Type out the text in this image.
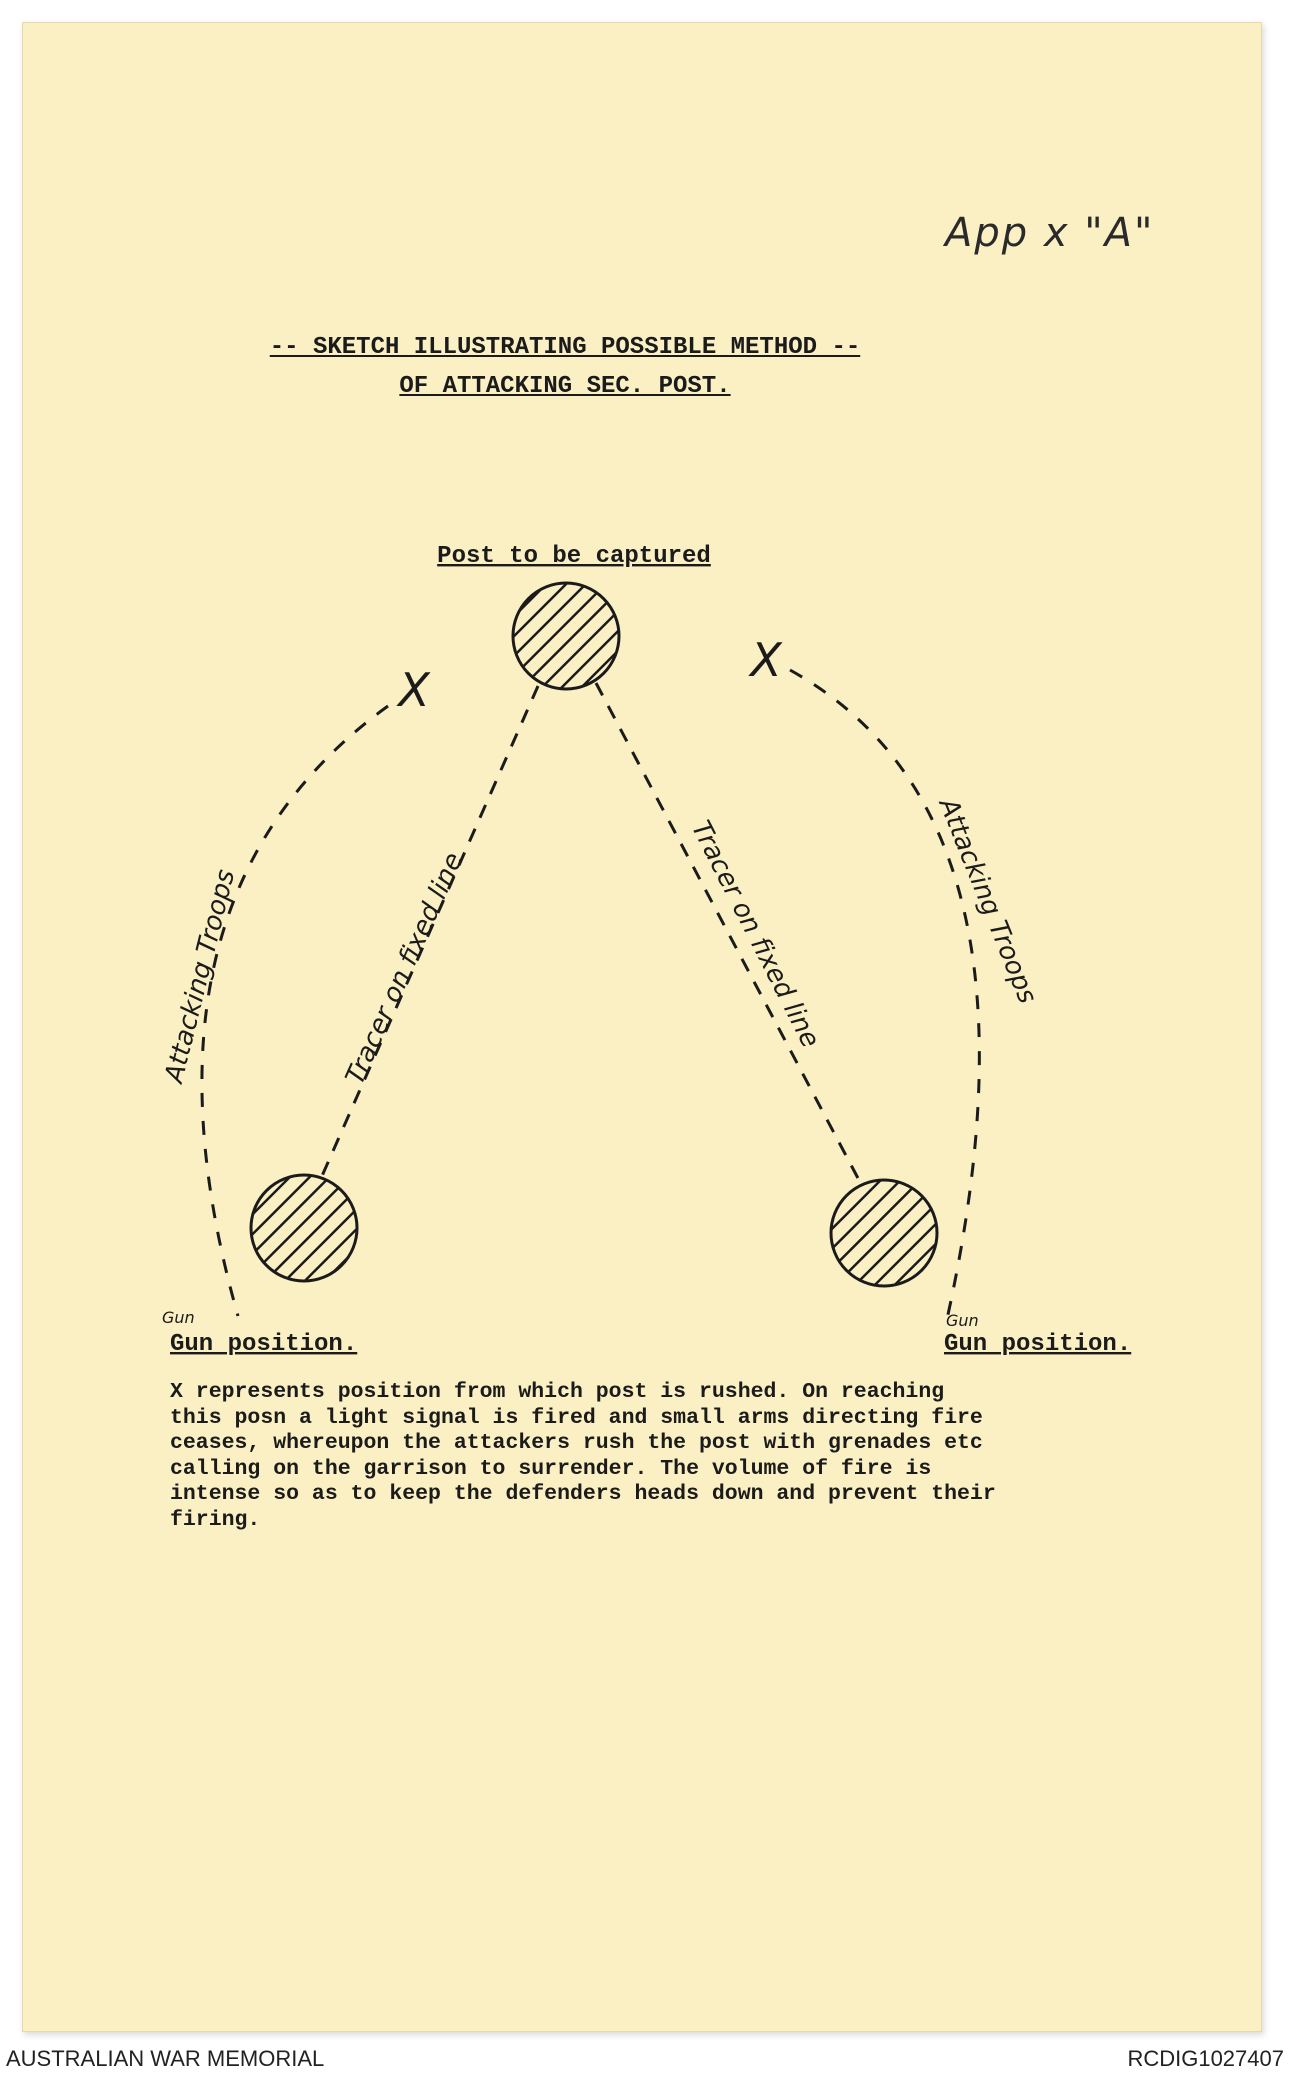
App x "A"
-- SKETCH ILLUSTRATING POSSIBLE METHOD --
OF ATTACKING SEC. POST.
Post to be captured
X
X
Attacking Troops	Attacking Troops
Tracer on fixed line	Tracer on fixed line
Gun	Gun
Gun position.	Gun position.
X represents position from which post is rushed. On reaching
this posn a light signal is fired and small arms directing fire
ceases, whereupon the attackers rush the post with grenades etc
calling on the garrison to surrender. The volume of fire is
intense so as to keep the defenders heads down and prevent their
firing.
AUSTRALIAN WAR MEMORIAL	RCDIG1027407
